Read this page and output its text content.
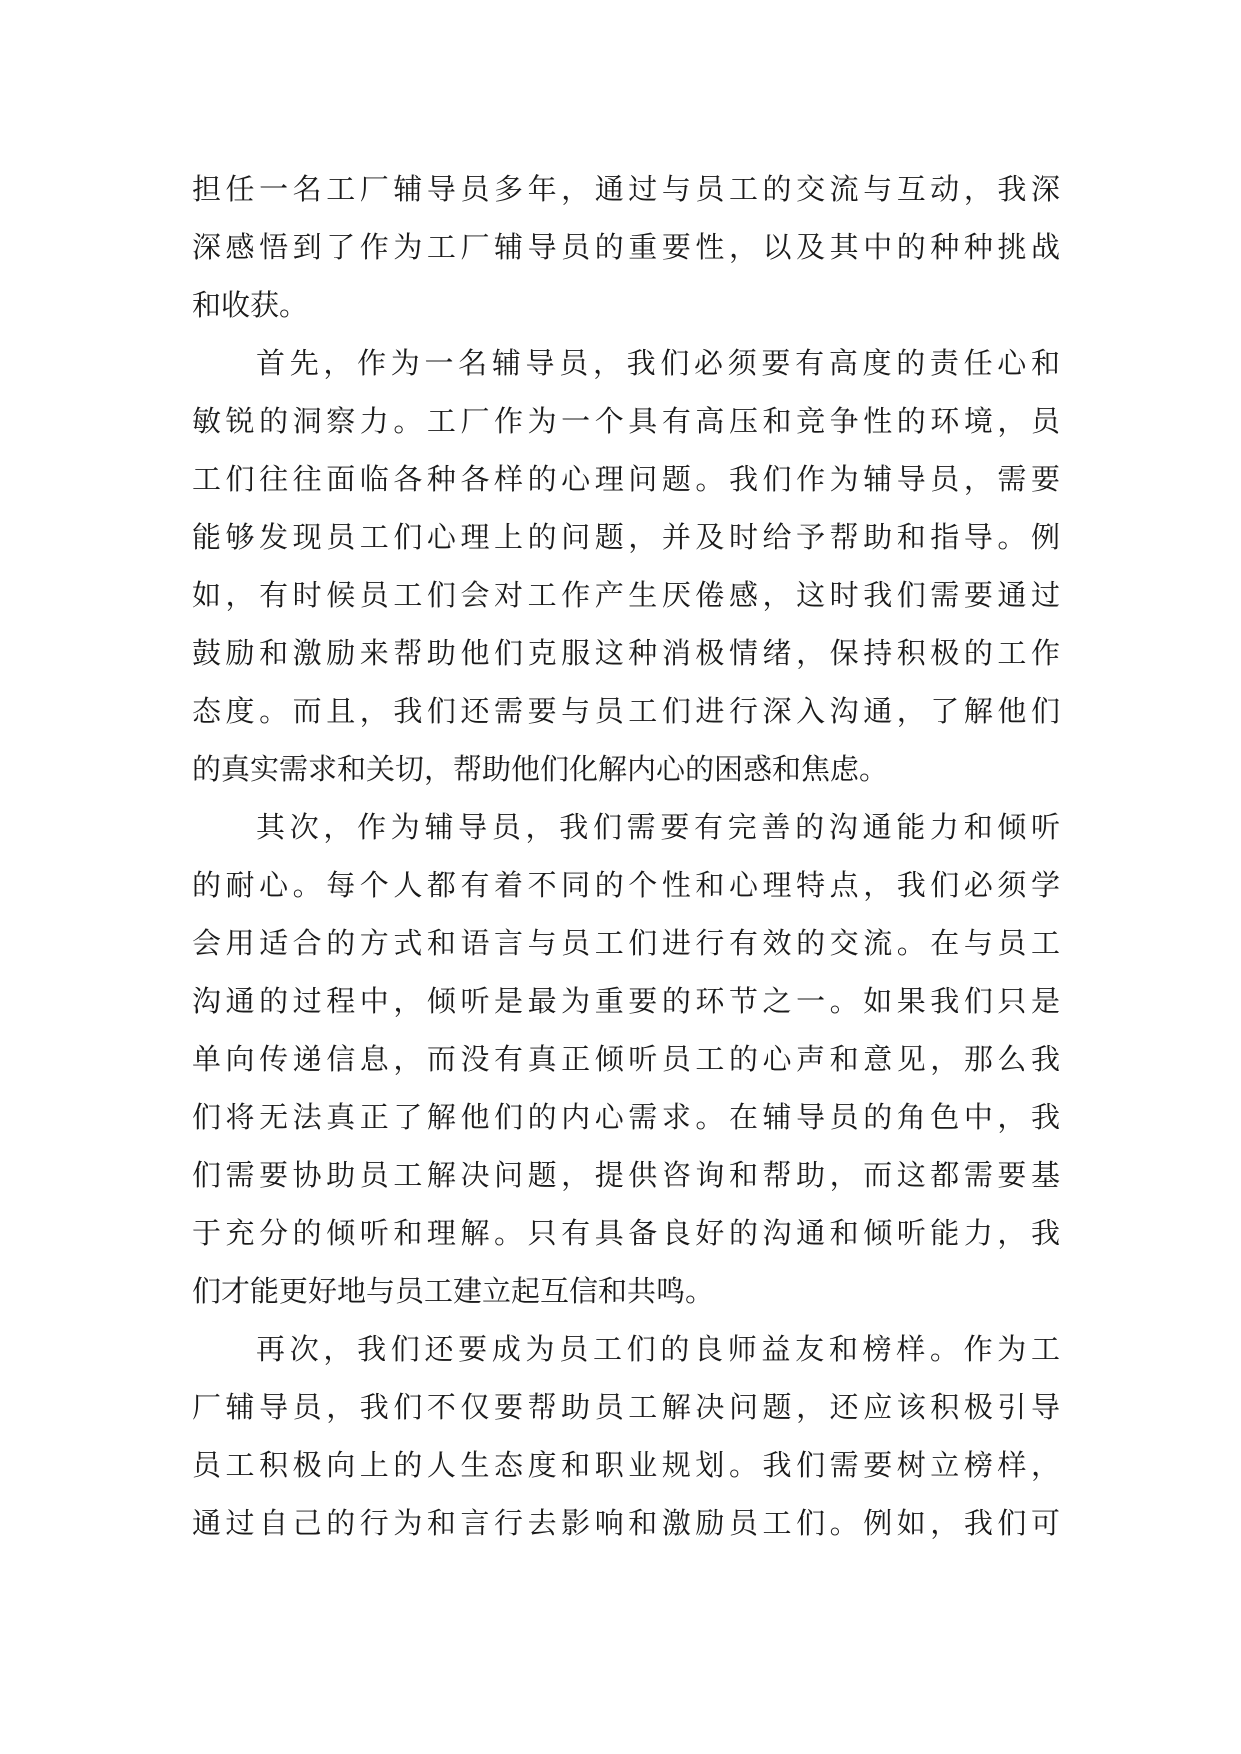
担任一名工厂辅导员多年，通过与员工的交流与互动，我深
深感悟到了作为工厂辅导员的重要性，以及其中的种种挑战
和收获。
首先，作为一名辅导员，我们必须要有高度的责任心和
敏锐的洞察力。工厂作为一个具有高压和竞争性的环境，员
工们往往面临各种各样的心理问题。我们作为辅导员，需要
能够发现员工们心理上的问题，并及时给予帮助和指导。例
如，有时候员工们会对工作产生厌倦感，这时我们需要通过
鼓励和激励来帮助他们克服这种消极情绪，保持积极的工作
态度。而且，我们还需要与员工们进行深入沟通，了解他们
的真实需求和关切，帮助他们化解内心的困惑和焦虑。
其次，作为辅导员，我们需要有完善的沟通能力和倾听
的耐心。每个人都有着不同的个性和心理特点，我们必须学
会用适合的方式和语言与员工们进行有效的交流。在与员工
沟通的过程中，倾听是最为重要的环节之一。如果我们只是
单向传递信息，而没有真正倾听员工的心声和意见，那么我
们将无法真正了解他们的内心需求。在辅导员的角色中，我
们需要协助员工解决问题，提供咨询和帮助，而这都需要基
于充分的倾听和理解。只有具备良好的沟通和倾听能力，我
们才能更好地与员工建立起互信和共鸣。
再次，我们还要成为员工们的良师益友和榜样。作为工
厂辅导员，我们不仅要帮助员工解决问题，还应该积极引导
员工积极向上的人生态度和职业规划。我们需要树立榜样，
通过自己的行为和言行去影响和激励员工们。例如，我们可
